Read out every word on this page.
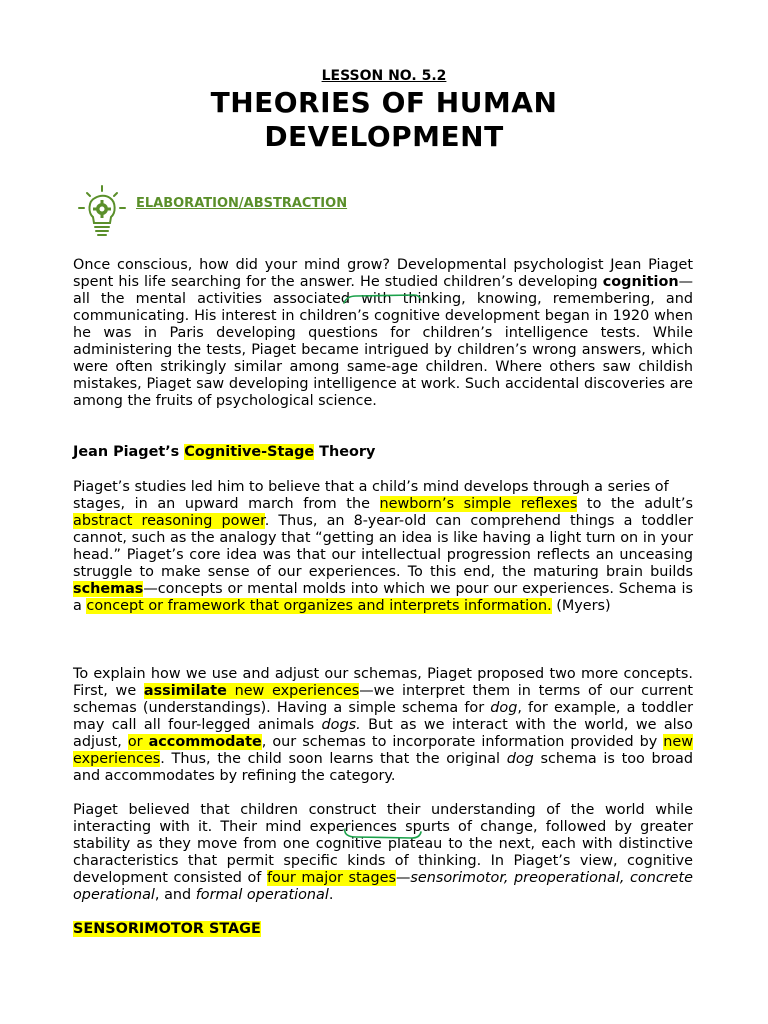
LESSON NO. 5.2
THEORIES OF HUMAN
DEVELOPMENT
ELABORATION/ABSTRACTION
Once conscious, how did your mind grow? Developmental psychologist Jean Piaget spent his life searching for the answer. He studied children’s developing cognition—all the mental activities associated with thinking, knowing, remembering, and communicating. His interest in children’s cognitive development began in 1920 when he was in Paris developing questions for children’s intelligence tests. While administering the tests, Piaget became intrigued by children’s wrong answers, which were often strikingly similar among same-age children. Where others saw childish mistakes, Piaget saw developing intelligence at work. Such accidental discoveries are among the fruits of psychological science.
Jean Piaget’s Cognitive-Stage Theory
Piaget’s studies led him to believe that a child’s mind develops through a series of
stages, in an upward march from the newborn’s simple reflexes to the adult’s abstract reasoning power. Thus, an 8-year-old can comprehend things a toddler cannot, such as the analogy that “getting an idea is like having a light turn on in your head.” Piaget’s core idea was that our intellectual progression reflects an unceasing struggle to make sense of our experiences. To this end, the maturing brain builds schemas—concepts or mental molds into which we pour our experiences. Schema is a concept or framework that organizes and interprets information. (Myers)
To explain how we use and adjust our schemas, Piaget proposed two more concepts. First, we assimilate new experiences—we interpret them in terms of our current schemas (understandings). Having a simple schema for dog, for example, a toddler may call all four-legged animals dogs. But as we interact with the world, we also adjust, or accommodate, our schemas to incorporate information provided by new experiences. Thus, the child soon learns that the original dog schema is too broad and accommodates by refining the category.
Piaget believed that children construct their understanding of the world while interacting with it. Their mind experiences spurts of change, followed by greater stability as they move from one cognitive plateau to the next, each with distinctive characteristics that permit specific kinds of thinking. In Piaget’s view, cognitive development consisted of four major stages—sensorimotor, preoperational, concrete operational, and formal operational.
SENSORIMOTOR STAGE
